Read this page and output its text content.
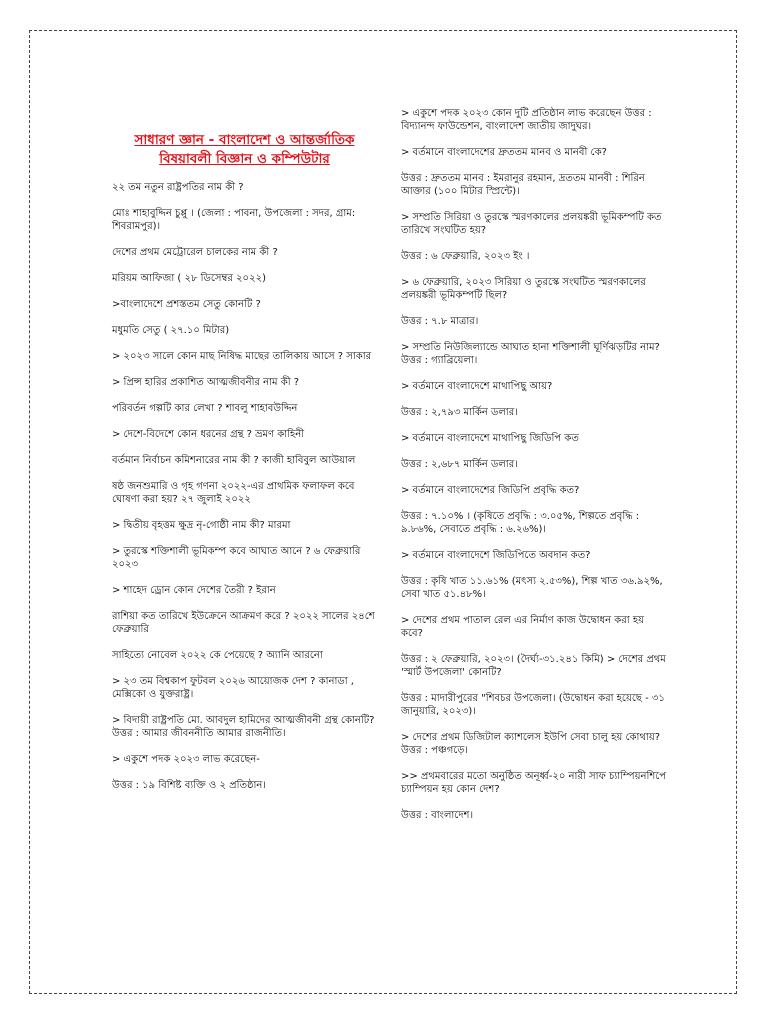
সাধারণ জ্ঞান - বাংলাদেশ ও আন্তর্জাতিক বিষয়াবলী বিজ্ঞান ও কম্পিউটার
২২ তম নতুন রাষ্ট্রপতির নাম কী ?
মোঃ শাহাবুদ্দিন চুপ্পু । (জেলা : পাবনা, উপজেলা : সদর, গ্রাম: শিবরামপুর)।
দেশের প্রথম মেট্রোরেল চালকের নাম কী ?
মরিয়ম আফিজা ( ২৮ ডিসেম্বর ২০২২)
>বাংলাদেশে প্রশস্ততম সেতু কোনটি ?
মধুমতি সেতু ( ২৭.১০ মিটার)
> ২০২৩ সালে কোন মাছ নিষিদ্ধ মাছের তালিকায় আসে ? সাকার
> প্রিন্স হারির প্রকাশিত আত্মজীবনীর নাম কী ?
পরিবর্তন গল্পটি কার লেখা ? শাবলু শাহাবউদ্দিন
> দেশে-বিদেশে কোন ধরনের গ্রন্থ ? ভ্রমণ কাহিনী
বর্তমান নির্বাচন কমিশনারের নাম কী ? কাজী হাবিবুল আউয়াল
ষষ্ঠ জনশুমারি ও গৃহ গণনা ২০২২-এর প্রাথমিক ফলাফল কবে ঘোষণা করা হয়? ২৭ জুলাই ২০২২
> দ্বিতীয় বৃহত্তম ক্ষুদ্র নৃ-গোষ্ঠী নাম কী? মারমা
> তুরস্কে শক্তিশালী ভূমিকম্প কবে আঘাত আনে ? ৬ ফেব্রুয়ারি ২০২৩
> শাহেদ ড্রোন কোন দেশের তৈরী ? ইরান
রাশিয়া কত তারিখে ইউক্রেনে আক্রমণ করে ? ২০২২ সালের ২৪শে ফেব্রুয়ারি
সাহিত্যে নোবেল ২০২২ কে পেয়েছে ? অ্যানি আরনো
> ২৩ তম বিশ্বকাপ ফুটবল ২০২৬ আয়োজক দেশ ? কানাডা , মেক্সিকো ও যুক্তরাষ্ট্র।
> বিদায়ী রাষ্ট্রপতি মো. আবদুল হামিদের আত্মজীবনী গ্রন্থ কোনটি? উত্তর : আমার জীবননীতি আমার রাজনীতি।
> একুশে পদক ২০২৩ লাভ করেছেন-
উত্তর : ১৯ বিশিষ্ট ব্যক্তি ও ২ প্রতিষ্ঠান।
> একুশে পদক ২০২৩ কোন দুটি প্রতিষ্ঠান লাভ করেছেন উত্তর : বিদ্যানন্দ ফাউন্ডেশন, বাংলাদেশ জাতীয় জাদুঘর।
> বর্তমানে বাংলাদেশের দ্রুততম মানব ও মানবী কে?
উত্তর : দ্রুততম মানব : ইমরানুর রহমান, দ্রততম মানবী : শিরিন আক্তার (১০০ মিটার স্প্রিন্টে)।
> সম্প্রতি সিরিয়া ও তুরস্কে স্মরণকালের প্রলয়ঙ্করী ভূমিকম্পটি কত তারিখে সংঘটিত হয়?
উত্তর : ৬ ফেব্রুয়ারি, ২০২৩ ইং ।
> ৬ ফেব্রুয়ারি, ২০২৩ সিরিয়া ও তুরস্কে সংঘটিত স্মরণকালের প্রলয়ঙ্করী ভূমিকম্পটি ছিল?
উত্তর : ৭.৮ মাত্রার।
> সম্প্রতি নিউজিল্যান্ডে আঘাত হানা শক্তিশালী ঘূর্ণিঝড়টির নাম? উত্তর : গ্যাব্রিয়েলা।
> বর্তমানে বাংলাদেশে মাথাপিছু আয়?
উত্তর : ২,৭৯৩ মার্কিন ডলার।
> বর্তমানে বাংলাদেশে মাথাপিছু জিডিপি কত
উত্তর : ২,৬৮৭ মার্কিন ডলার।
> বর্তমানে বাংলাদেশের জিডিপি প্রবৃদ্ধি কত?
উত্তর : ৭.১০% । (কৃষিতে প্রবৃদ্ধি : ৩.০৫%, শিল্পতে প্রবৃদ্ধি : ৯.৮৬%, সেবাতে প্রবৃদ্ধি : ৬.২৬%)।
> বর্তমানে বাংলাদেশে জিডিপিতে অবদান কত?
উত্তর : কৃষি খাত ১১.৬১% (মৎস্য ২.৫৩%), শিল্প খাত ৩৬.৯২%, সেবা খাত ৫১.৪৮%।
> দেশের প্রথম পাতাল রেল এর নির্মাণ কাজ উদ্বোধন করা হয় কবে?
উত্তর : ২ ফেব্রুয়ারি, ২০২৩। (দৈর্ঘ্য-৩১.২৪১ কিমি) > দেশের প্রথম 'স্মার্ট উপজেলা' কোনটি?
উত্তর : মাদারীপুরের "শিবচর উপজেলা। (উদ্বোধন করা হয়েছে - ৩১ জানুয়ারি, ২০২৩)।
> দেশের প্রথম ডিজিটাল ক্যাশলেস ইউপি সেবা চালু হয় কোথায়? উত্তর : পঞ্চগড়ে।
>> প্রথমবারের মতো অনুষ্ঠিত অনূর্ধ্ব-২০ নারী সাফ চ্যাম্পিয়নশিপে চ্যাম্পিয়ন হয় কোন দেশ?
উত্তর : বাংলাদেশ।
